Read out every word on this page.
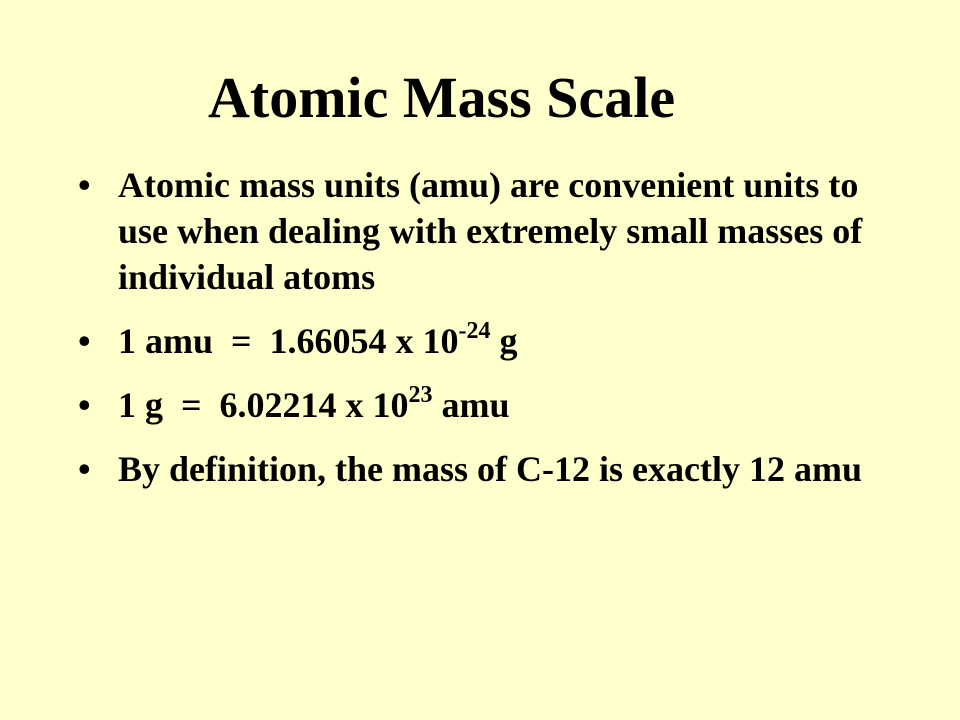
Atomic Mass Scale
• Atomic mass units (amu) are convenient units to use when dealing with extremely small masses of individual atoms
• 1 amu  =  1.66054 x $10^{-24}$ g
• 1 g  =  6.02214 x $10^{23}$ amu
• By definition, the mass of C-12 is exactly 12 amu
